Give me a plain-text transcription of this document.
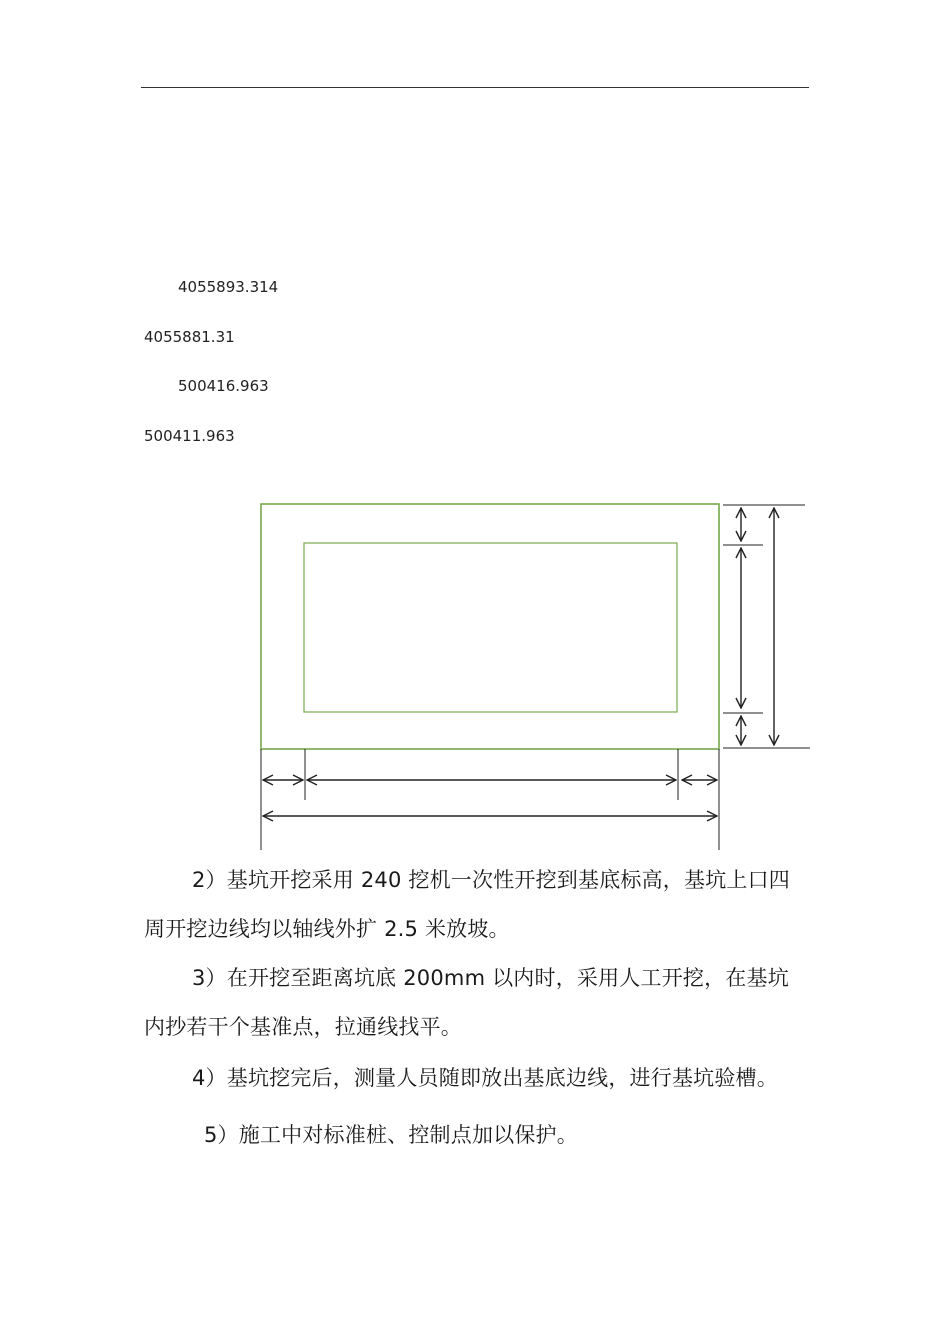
4055893.314
4055881.31
500416.963
500411.963

2）基坑开挖采用 240 挖机一次性开挖到基底标高，基坑上口四周开挖边线均以轴线外扩 2.5 米放坡。

3）在开挖至距离坑底 200mm 以内时，采用人工开挖，在基坑内抄若干个基准点，拉通线找平。

4）基坑挖完后，测量人员随即放出基底边线，进行基坑验槽。

5）施工中对标准桩、控制点加以保护。
